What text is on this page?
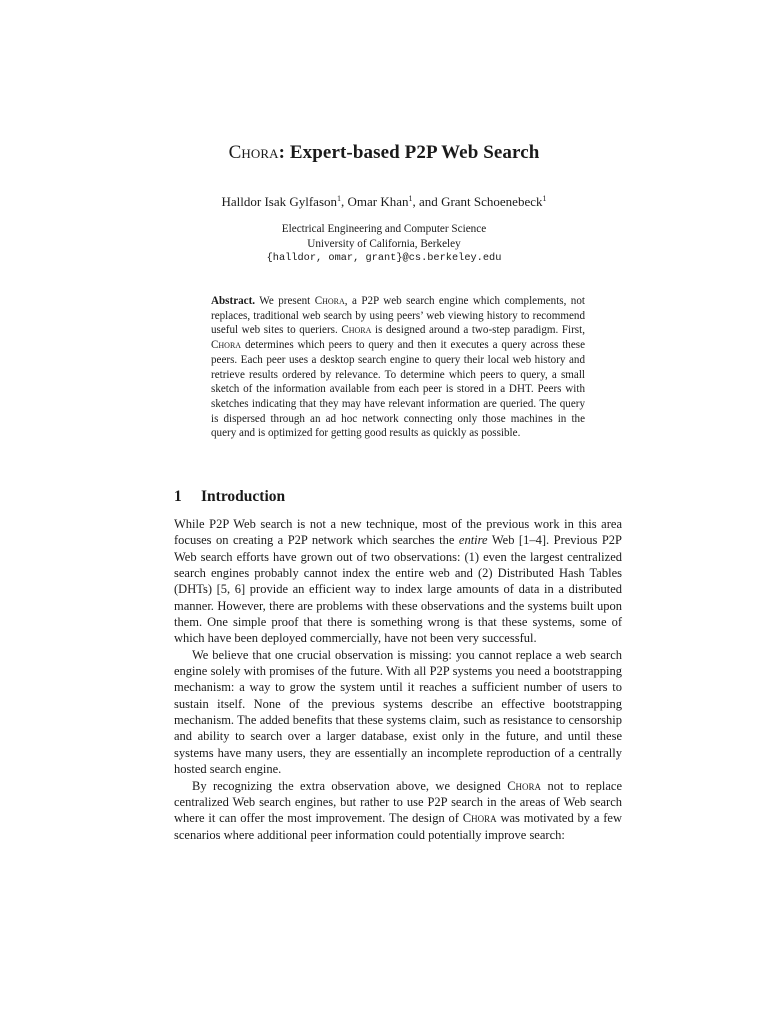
Chora: Expert-based P2P Web Search
Halldor Isak Gylfason$^1$, Omar Khan$^1$, and Grant Schoenebeck$^1$
Electrical Engineering and Computer Science
University of California, Berkeley
{halldor, omar, grant}@cs.berkeley.edu
Abstract. We present Chora, a P2P web search engine which complements, not replaces, traditional web search by using peers’ web viewing history to recommend useful web sites to queriers. Chora is designed around a two-step paradigm. First, Chora determines which peers to query and then it executes a query across these peers. Each peer uses a desktop search engine to query their local web history and retrieve results ordered by relevance. To determine which peers to query, a small sketch of the information available from each peer is stored in a DHT. Peers with sketches indicating that they may have relevant information are queried. The query is dispersed through an ad hoc network connecting only those machines in the query and is optimized for getting good results as quickly as possible.
1 Introduction

While P2P Web search is not a new technique, most of the previous work in this area focuses on creating a P2P network which searches the entire Web [1–4]. Previous P2P Web search efforts have grown out of two observations: (1) even the largest centralized search engines probably cannot index the entire web and (2) Distributed Hash Tables (DHTs) [5, 6] provide an efficient way to index large amounts of data in a distributed manner. However, there are problems with these observations and the systems built upon them. One simple proof that there is something wrong is that these systems, some of which have been deployed commercially, have not been very successful.

We believe that one crucial observation is missing: you cannot replace a web search engine solely with promises of the future. With all P2P systems you need a bootstrapping mechanism: a way to grow the system until it reaches a sufficient number of users to sustain itself. None of the previous systems describe an effective bootstrapping mechanism. The added benefits that these systems claim, such as resistance to censorship and ability to search over a larger database, exist only in the future, and until these systems have many users, they are essentially an incomplete reproduction of a centrally hosted search engine.

By recognizing the extra observation above, we designed Chora not to replace centralized Web search engines, but rather to use P2P search in the areas of Web search where it can offer the most improvement. The design of Chora was motivated by a few scenarios where additional peer information could potentially improve search:
